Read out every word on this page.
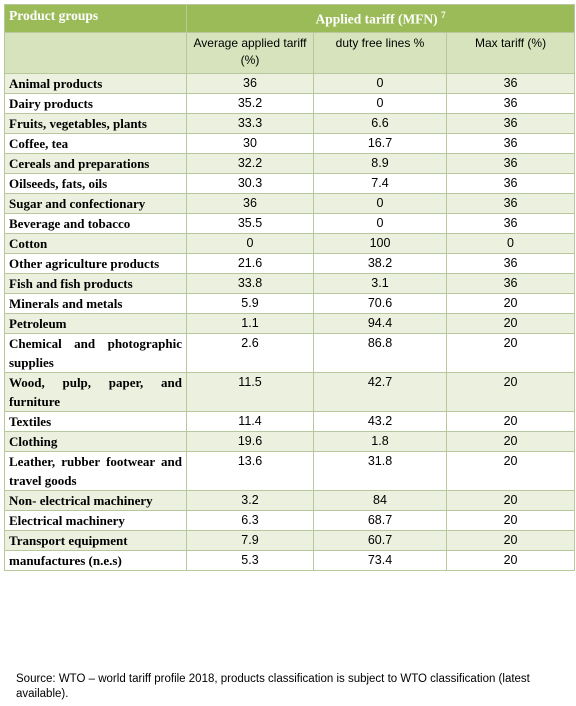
Product groups	Applied tariff (MFN) $^7$
	Average applied tariff (%)	duty free lines %	Max tariff (%)
Animal products	36	0	36
Dairy products	35.2	0	36
Fruits, vegetables, plants	33.3	6.6	36
Coffee, tea	30	16.7	36
Cereals and preparations	32.2	8.9	36
Oilseeds, fats, oils	30.3	7.4	36
Sugar and confectionary	36	0	36
Beverage and tobacco	35.5	0	36
Cotton	0	100	0
Other agriculture products	21.6	38.2	36
Fish and fish products	33.8	3.1	36
Minerals and metals	5.9	70.6	20
Petroleum	1.1	94.4	20
Chemical and photographic supplies	2.6	86.8	20
Wood, pulp, paper, and furniture	11.5	42.7	20
Textiles	11.4	43.2	20
Clothing	19.6	1.8	20
Leather, rubber footwear and travel goods	13.6	31.8	20
Non- electrical machinery	3.2	84	20
Electrical machinery	6.3	68.7	20
Transport equipment	7.9	60.7	20
manufactures (n.e.s)	5.3	73.4	20
Source: WTO – world tariff profile 2018, products classification is subject to WTO classification (latest available).
